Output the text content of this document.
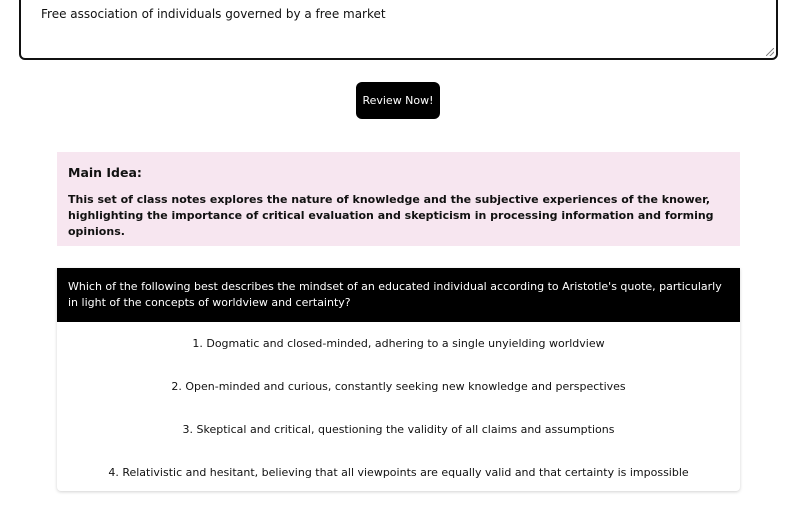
Free association of individuals governed by a free market
Review Now!
Main Idea:

This set of class notes explores the nature of knowledge and the subjective experiences of the knower, highlighting the importance of critical evaluation and skepticism in processing information and forming opinions.

Which of the following best describes the mindset of an educated individual according to Aristotle's quote, particularly in light of the concepts of worldview and certainty?
1. Dogmatic and closed-minded, adhering to a single unyielding worldview
2. Open-minded and curious, constantly seeking new knowledge and perspectives
3. Skeptical and critical, questioning the validity of all claims and assumptions
4. Relativistic and hesitant, believing that all viewpoints are equally valid and that certainty is impossible
